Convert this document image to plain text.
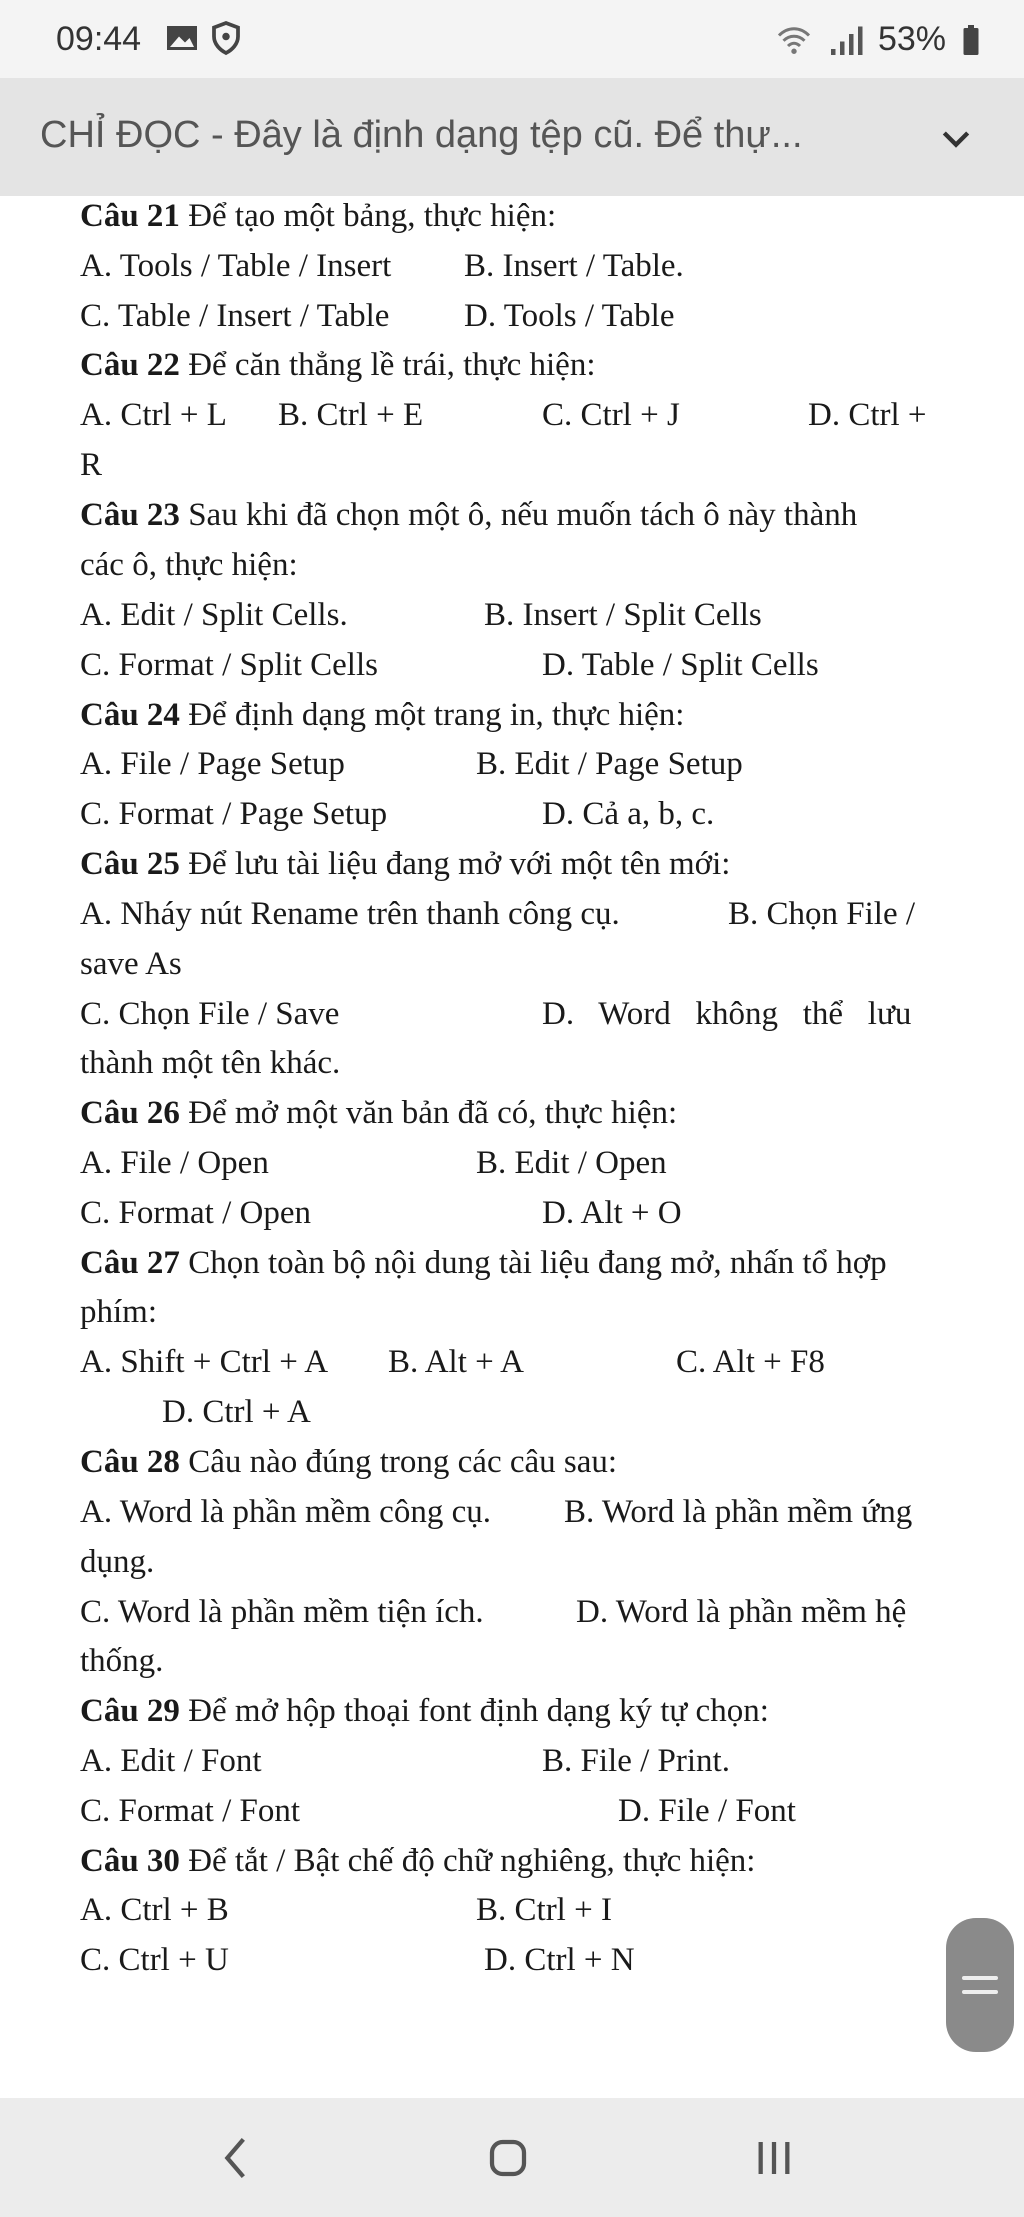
09:44	53%
CHỈ ĐỌC - Đây là định dạng tệp cũ. Để thự...
Câu 21 Để tạo một bảng, thực hiện:
A. Tools / Table / Insert B. Insert / Table.
C. Table / Insert / Table D. Tools / Table
Câu 22 Để căn thẳng lề trái, thực hiện:
A. Ctrl + L B. Ctrl + E	C. Ctrl + J	D. Ctrl +
R
Câu 23 Sau khi đã chọn một ô, nếu muốn tách ô này thành
các ô, thực hiện:
A. Edit / Split Cells.	B. Insert / Split Cells
C. Format / Split Cells	D. Table / Split Cells
Câu 24 Để định dạng một trang in, thực hiện:
A. File / Page Setup	B. Edit / Page Setup
C. Format / Page Setup	D. Cả a, b, c.
Câu 25 Để lưu tài liệu đang mở với một tên mới:
A. Nháy nút Rename trên thanh công cụ.	B. Chọn File /
save As
C. Chọn File / Save	D.   Word   không   thể   lưu
thành một tên khác.
Câu 26 Để mở một văn bản đã có, thực hiện:
A. File / Open	B. Edit / Open
C. Format / Open	D. Alt + O
Câu 27 Chọn toàn bộ nội dung tài liệu đang mở, nhấn tổ hợp
phím:
A. Shift + Ctrl + A B. Alt + A	C. Alt + F8
D. Ctrl + A
Câu 28 Câu nào đúng trong các câu sau:
A. Word là phần mềm công cụ. B. Word là phần mềm ứng
dụng.
C. Word là phần mềm tiện ích.	D. Word là phần mềm hệ
thống.
Câu 29 Để mở hộp thoại font định dạng ký tự chọn:
A. Edit / Font	B. File / Print.
C. Format / Font	D. File / Font
Câu 30 Để tắt / Bật chế độ chữ nghiêng, thực hiện:
A. Ctrl + B	B. Ctrl + I
C. Ctrl + U	D. Ctrl + N
